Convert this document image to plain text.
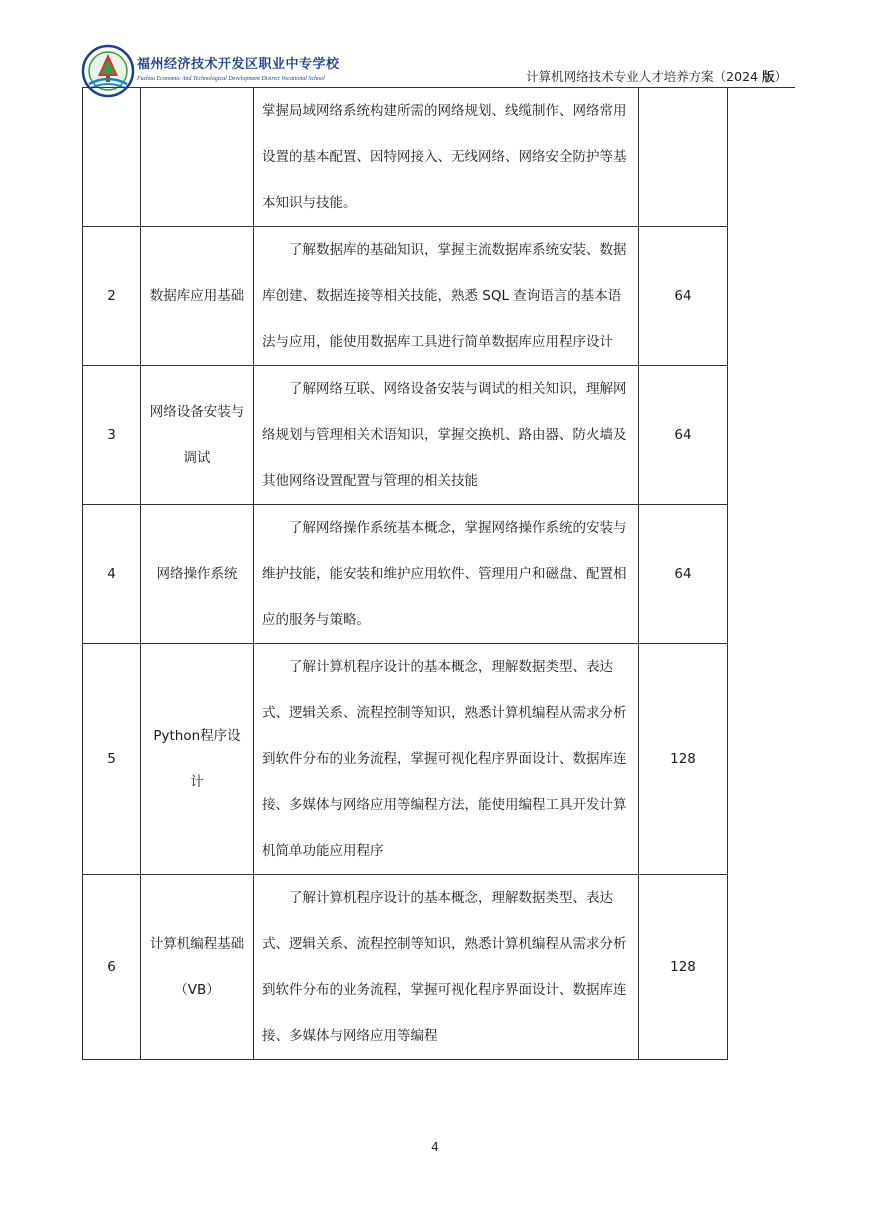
福州经济技术开发区职业中专学校
Fuzhou Economic And Technological Development District Vocational School	计算机网络技术专业人才培养方案（2024 版）
		掌握局域网络系统构建所需的网络规划、线缆制作、网络常用设置的基本配置、因特网接入、无线网络、网络安全防护等基本知识与技能。	
2	数据库应用基础	了解数据库的基础知识，掌握主流数据库系统安装、数据库创建、数据连接等相关技能，熟悉 SQL 查询语言的基本语法与应用，能使用数据库工具进行简单数据库应用程序设计	64
3	网络设备安装与调试	了解网络互联、网络设备安装与调试的相关知识，理解网络规划与管理相关术语知识，掌握交换机、路由器、防火墙及其他网络设置配置与管理的相关技能	64
4	网络操作系统	了解网络操作系统基本概念，掌握网络操作系统的安装与维护技能，能安装和维护应用软件、管理用户和磁盘、配置相应的服务与策略。	64
5	Python程序设计	了解计算机程序设计的基本概念，理解数据类型、表达式、逻辑关系、流程控制等知识，熟悉计算机编程从需求分析到软件分布的业务流程，掌握可视化程序界面设计、数据库连接、多媒体与网络应用等编程方法，能使用编程工具开发计算机简单功能应用程序	128
6	计算机编程基础（VB）	了解计算机程序设计的基本概念，理解数据类型、表达式、逻辑关系、流程控制等知识，熟悉计算机编程从需求分析到软件分布的业务流程，掌握可视化程序界面设计、数据库连接、多媒体与网络应用等编程	128
4
